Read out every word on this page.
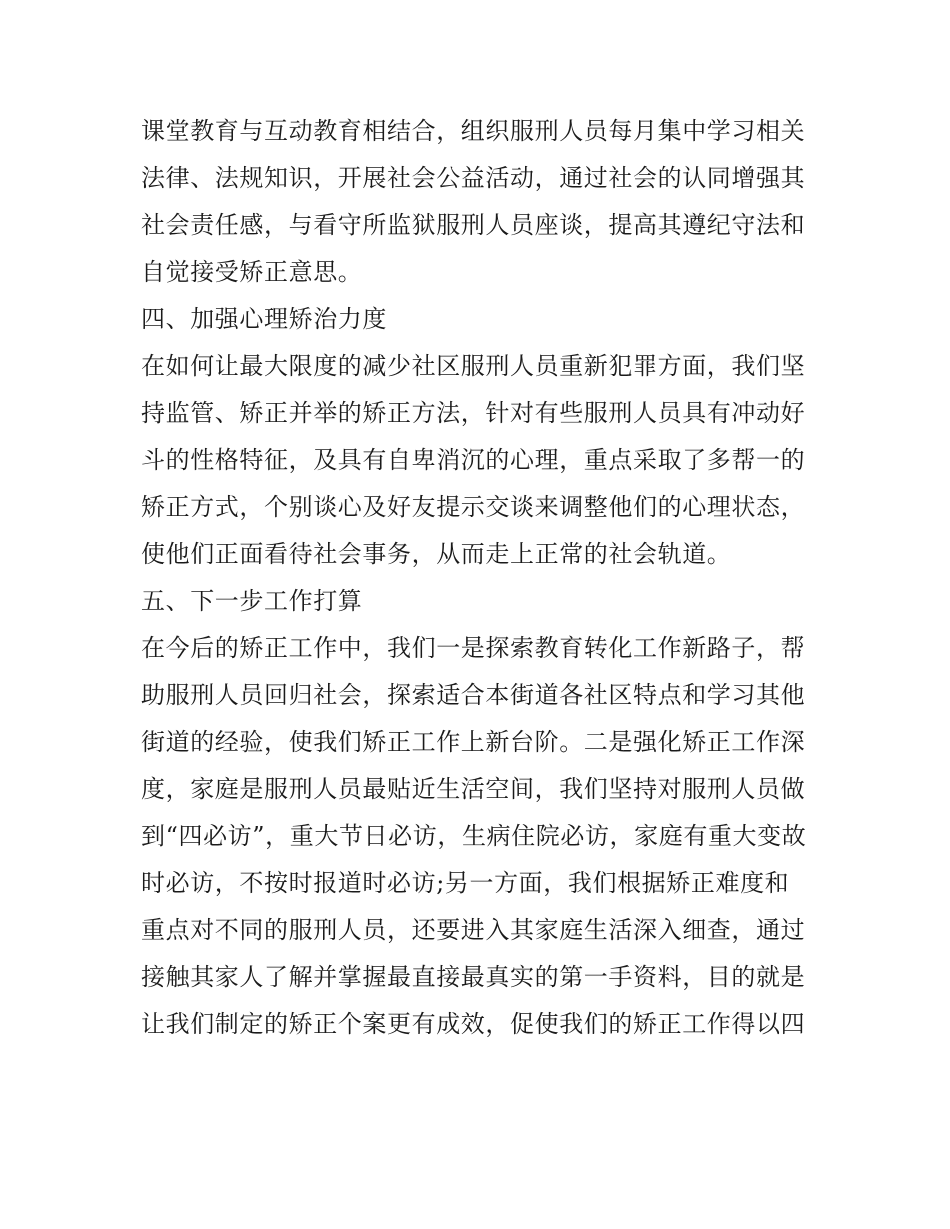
课堂教育与互动教育相结合，组织服刑人员每月集中学习相关
法律、法规知识，开展社会公益活动，通过社会的认同增强其
社会责任感，与看守所监狱服刑人员座谈，提高其遵纪守法和
自觉接受矫正意思。
四、加强心理矫治力度
在如何让最大限度的减少社区服刑人员重新犯罪方面，我们坚
持监管、矫正并举的矫正方法，针对有些服刑人员具有冲动好
斗的性格特征，及具有自卑消沉的心理，重点采取了多帮一的
矫正方式，个别谈心及好友提示交谈来调整他们的心理状态，
使他们正面看待社会事务，从而走上正常的社会轨道。
五、下一步工作打算
在今后的矫正工作中，我们一是探索教育转化工作新路子，帮
助服刑人员回归社会，探索适合本街道各社区特点和学习其他
街道的经验，使我们矫正工作上新台阶。二是强化矫正工作深
度，家庭是服刑人员最贴近生活空间，我们坚持对服刑人员做
到“四必访”，重大节日必访，生病住院必访，家庭有重大变故
时必访，不按时报道时必访;另一方面，我们根据矫正难度和
重点对不同的服刑人员，还要进入其家庭生活深入细查，通过
接触其家人了解并掌握最直接最真实的第一手资料，目的就是
让我们制定的矫正个案更有成效，促使我们的矫正工作得以四
